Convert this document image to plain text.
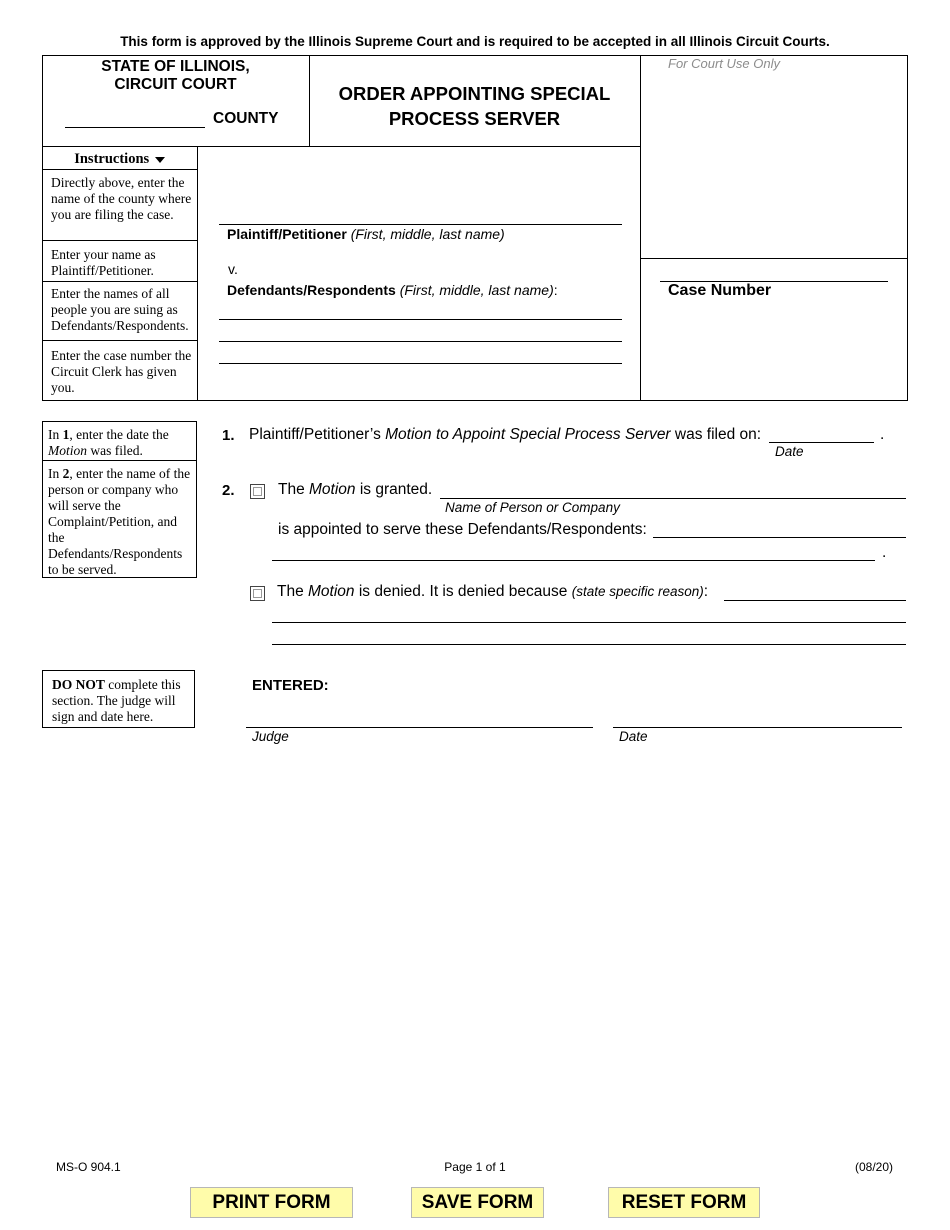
This form is approved by the Illinois Supreme Court and is required to be accepted in all Illinois Circuit Courts.
STATE OF ILLINOIS,
CIRCUIT COURT
COUNTY
ORDER APPOINTING SPECIAL
PROCESS SERVER
For Court Use Only
Case Number
Instructions
Directly above, enter the name of the county where you are filing the case.
Enter your name as Plaintiff/Petitioner.
Enter the names of all people you are suing as Defendants/Respondents.
Enter the case number the Circuit Clerk has given you.
Plaintiff/Petitioner (First, middle, last name)
v.
Defendants/Respondents (First, middle, last name):
In 1, enter the date the Motion was filed.
In 2, enter the name of the person or company who will serve the Complaint/Petition, and the Defendants/Respondents to be served.
DO NOT complete this section. The judge will sign and date here.
1. Plaintiff/Petitioner’s Motion to Appoint Special Process Server was filed on:	.
Date
2.	The Motion is granted.
Name of Person or Company
is appointed to serve these Defendants/Respondents:
.
The Motion is denied. It is denied because (state specific reason):
ENTERED:
Judge	Date
MS-O 904.1	Page 1 of 1	(08/20)
PRINT FORM	SAVE FORM	RESET FORM
